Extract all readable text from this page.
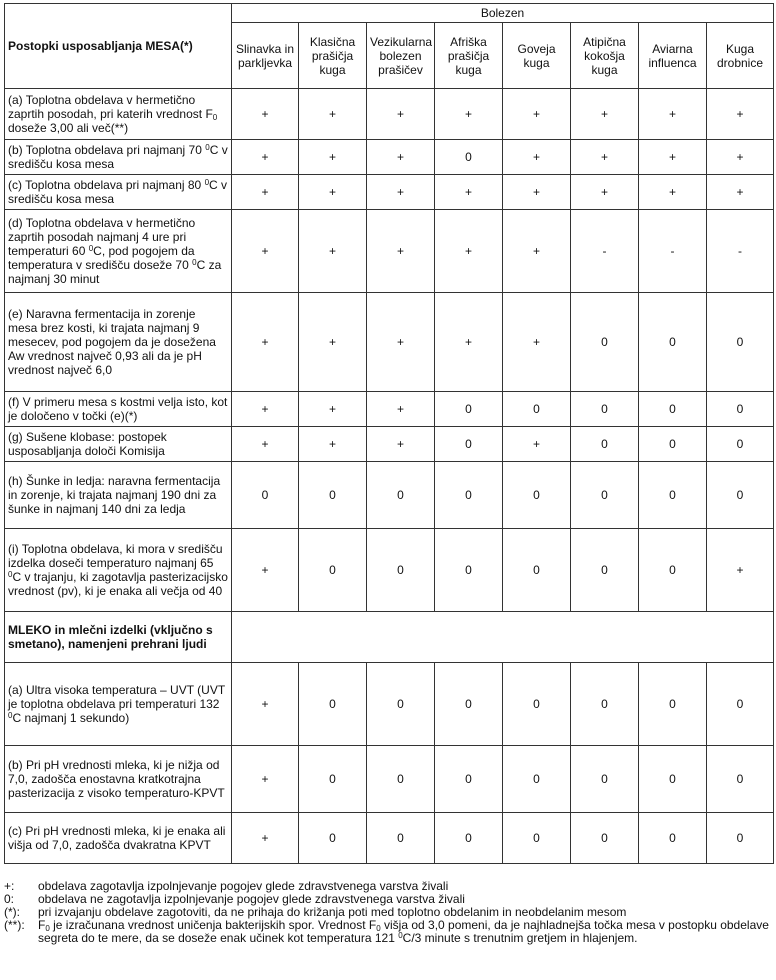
Postopki usposabljanja MESA(*)	Bolezen							
	Slinavka in parkljevka	Klasična prašičja kuga	Vezikularna bolezen prašičev	Afriška prašičja kuga	Goveja kuga	Atipična kokošja kuga	Aviarna influenca	Kuga drobnice
(a) Toplotna obdelava v hermetično zaprtih posodah, pri katerih vrednost $F_0$ doseže 3,00 ali več(**)	+	+	+	+	+	+	+	+
(b) Toplotna obdelava pri najmanj 70 $^0$C v središču kosa mesa	+	+	+	0	+	+	+	+
(c) Toplotna obdelava pri najmanj 80 $^0$C v središču kosa mesa	+	+	+	+	+	+	+	+
(d) Toplotna obdelava v hermetično zaprtih posodah najmanj 4 ure pri temperaturi 60 $^0$C, pod pogojem da temperatura v središču doseže 70 $^0$C za najmanj 30 minut	+	+	+	+	+	-	-	-
(e) Naravna fermentacija in zorenje mesa brez kosti, ki trajata najmanj 9 mesecev, pod pogojem da je dosežena Aw vrednost največ 0,93 ali da je pH vrednost največ 6,0	+	+	+	+	+	0	0	0
(f) V primeru mesa s kostmi velja isto, kot je določeno v točki (e)(*)	+	+	+	0	0	0	0	0
(g) Sušene klobase: postopek usposabljanja določi Komisija	+	+	+	0	+	0	0	0
(h) Šunke in ledja: naravna fermentacija in zorenje, ki trajata najmanj 190 dni za šunke in najmanj 140 dni za ledja	0	0	0	0	0	0	0	0
(i) Toplotna obdelava, ki mora v središču izdelka doseči temperaturo najmanj 65 $^0$C v trajanju, ki zagotavlja pasterizacijsko vrednost (pv), ki je enaka ali večja od 40	+	0	0	0	0	0	0	+
MLEKO in mlečni izdelki (vključno s smetano), namenjeni prehrani ljudi								
(a) Ultra visoka temperatura – UVT (UVT je toplotna obdelava pri temperaturi 132 $^0$C najmanj 1 sekundo)	+	0	0	0	0	0	0	0
(b) Pri pH vrednosti mleka, ki je nižja od 7,0, zadošča enostavna kratkotrajna pasterizacija z visoko temperaturo-KPVT	+	0	0	0	0	0	0	0
(c) Pri pH vrednosti mleka, ki je enaka ali višja od 7,0, zadošča dvakratna KPVT	+	0	0	0	0	0	0	0
+:	obdelava zagotavlja izpolnjevanje pogojev glede zdravstvenega varstva živali
0:	obdelava ne zagotavlja izpolnjevanje pogojev glede zdravstvenega varstva živali
(*):	pri izvajanju obdelave zagotoviti, da ne prihaja do križanja poti med toplotno obdelanim in neobdelanim mesom
(**):	$F_0$ je izračunana vrednost uničenja bakterijskih spor. Vrednost $F_0$ višja od 3,0 pomeni, da je najhladnejša točka mesa v postopku obdelave segreta do te mere, da se doseže enak učinek kot temperatura 121 $^0$C/3 minute s trenutnim gretjem in hlajenjem.
